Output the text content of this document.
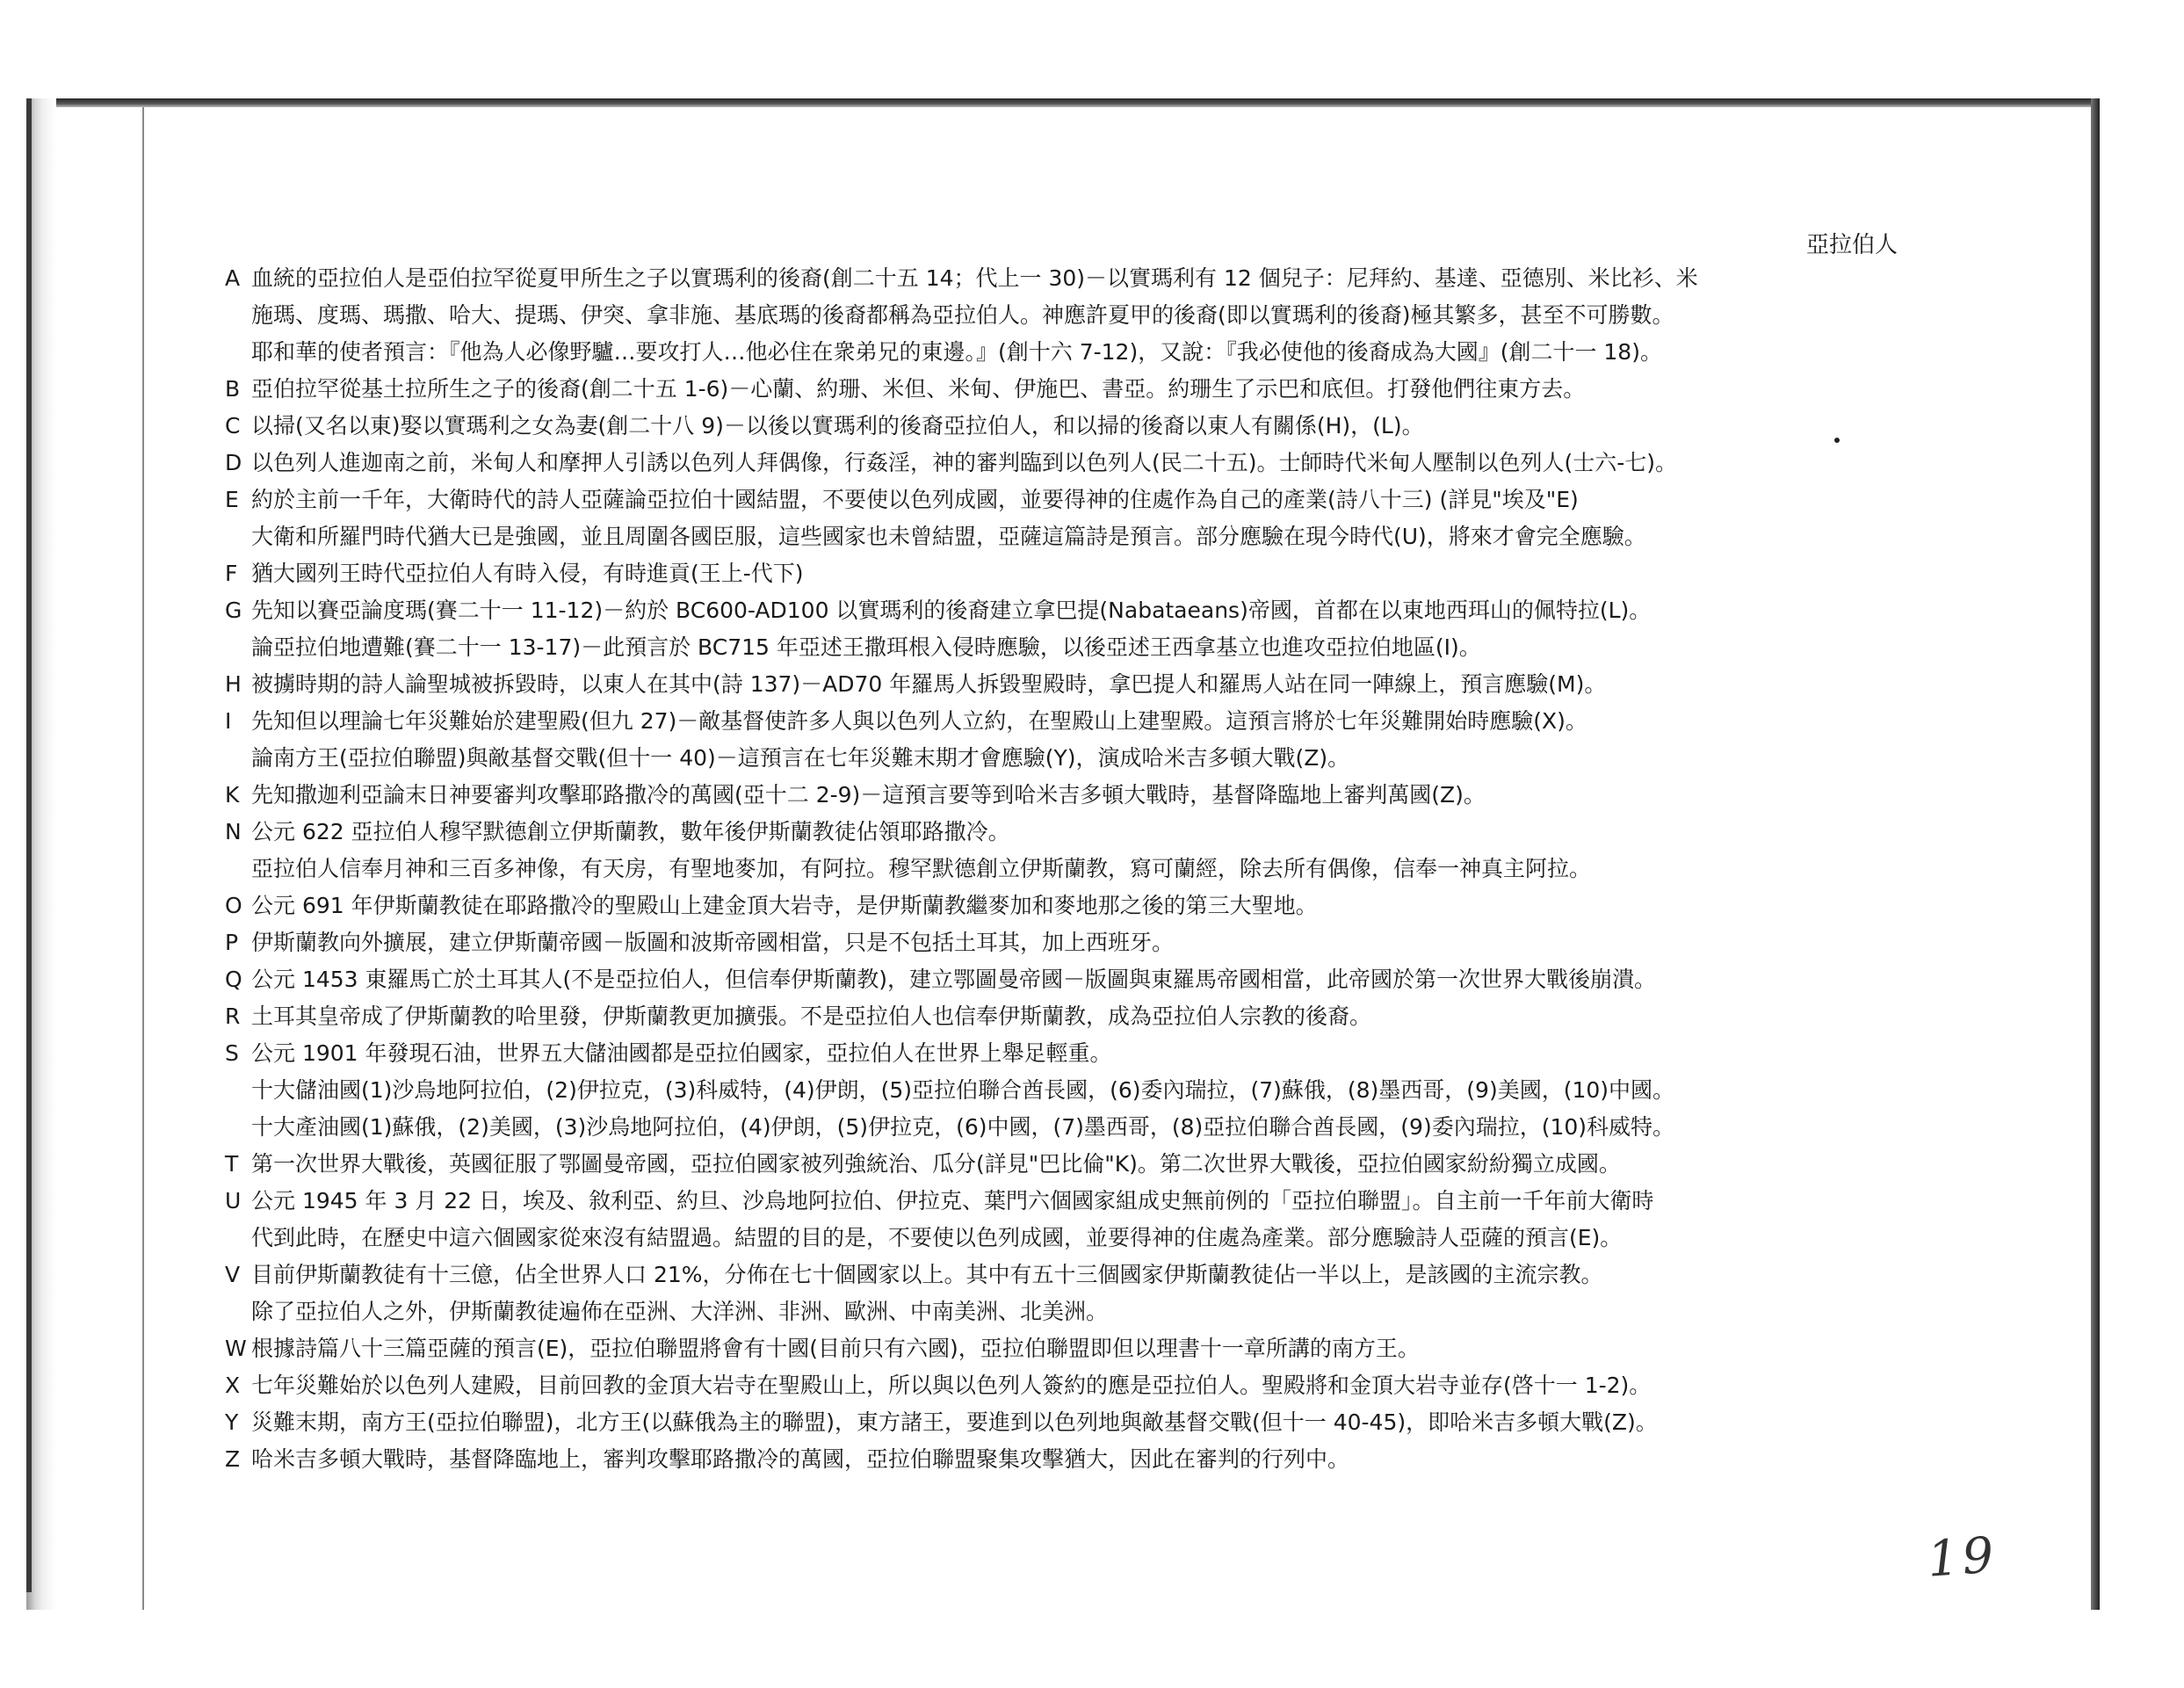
亞拉伯人
A 血統的亞拉伯人是亞伯拉罕從夏甲所生之子以實瑪利的後裔(創二十五 14；代上一 30)－以實瑪利有 12 個兒子：尼拜約、基達、亞德別、米比衫、米
施瑪、度瑪、瑪撒、哈大、提瑪、伊突、拿非施、基底瑪的後裔都稱為亞拉伯人。神應許夏甲的後裔(即以實瑪利的後裔)極其繁多，甚至不可勝數。
耶和華的使者預言：『他為人必像野驢…要攻打人…他必住在衆弟兄的東邊。』(創十六 7-12)，又說：『我必使他的後裔成為大國』(創二十一 18)。
B 亞伯拉罕從基土拉所生之子的後裔(創二十五 1-6)－心蘭、約珊、米但、米甸、伊施巴、書亞。約珊生了示巴和底但。打發他們往東方去。
C 以掃(又名以東)娶以實瑪利之女為妻(創二十八 9)－以後以實瑪利的後裔亞拉伯人，和以掃的後裔以東人有關係(H)，(L)。
D 以色列人進迦南之前，米甸人和摩押人引誘以色列人拜偶像，行姦淫，神的審判臨到以色列人(民二十五)。士師時代米甸人壓制以色列人(士六-七)。
E 約於主前一千年，大衛時代的詩人亞薩論亞拉伯十國結盟，不要使以色列成國，並要得神的住處作為自己的產業(詩八十三) (詳見"埃及"E)
大衛和所羅門時代猶大已是強國，並且周圍各國臣服，這些國家也未曾結盟，亞薩這篇詩是預言。部分應驗在現今時代(U)，將來才會完全應驗。
F 猶大國列王時代亞拉伯人有時入侵，有時進貢(王上-代下)
G 先知以賽亞論度瑪(賽二十一 11-12)－約於 BC600-AD100 以實瑪利的後裔建立拿巴提(Nabataeans)帝國，首都在以東地西珥山的佩特拉(L)。
論亞拉伯地遭難(賽二十一 13-17)－此預言於 BC715 年亞述王撒珥根入侵時應驗，以後亞述王西拿基立也進攻亞拉伯地區(I)。
H 被擄時期的詩人論聖城被拆毀時，以東人在其中(詩 137)－AD70 年羅馬人拆毀聖殿時，拿巴提人和羅馬人站在同一陣線上，預言應驗(M)。
I 先知但以理論七年災難始於建聖殿(但九 27)－敵基督使許多人與以色列人立約，在聖殿山上建聖殿。這預言將於七年災難開始時應驗(X)。
論南方王(亞拉伯聯盟)與敵基督交戰(但十一 40)－這預言在七年災難末期才會應驗(Y)，演成哈米吉多頓大戰(Z)。
K 先知撒迦利亞論末日神要審判攻擊耶路撒冷的萬國(亞十二 2-9)－這預言要等到哈米吉多頓大戰時，基督降臨地上審判萬國(Z)。
N 公元 622 亞拉伯人穆罕默德創立伊斯蘭教，數年後伊斯蘭教徒佔領耶路撒冷。
亞拉伯人信奉月神和三百多神像，有天房，有聖地麥加，有阿拉。穆罕默德創立伊斯蘭教，寫可蘭經，除去所有偶像，信奉一神真主阿拉。
O 公元 691 年伊斯蘭教徒在耶路撒冷的聖殿山上建金頂大岩寺，是伊斯蘭教繼麥加和麥地那之後的第三大聖地。
P 伊斯蘭教向外擴展，建立伊斯蘭帝國－版圖和波斯帝國相當，只是不包括土耳其，加上西班牙。
Q 公元 1453 東羅馬亡於土耳其人(不是亞拉伯人，但信奉伊斯蘭教)，建立鄂圖曼帝國－版圖與東羅馬帝國相當，此帝國於第一次世界大戰後崩潰。
R 土耳其皇帝成了伊斯蘭教的哈里發，伊斯蘭教更加擴張。不是亞拉伯人也信奉伊斯蘭教，成為亞拉伯人宗教的後裔。
S 公元 1901 年發現石油，世界五大儲油國都是亞拉伯國家，亞拉伯人在世界上舉足輕重。
十大儲油國(1)沙烏地阿拉伯，(2)伊拉克，(3)科威特，(4)伊朗，(5)亞拉伯聯合酋長國，(6)委內瑞拉，(7)蘇俄，(8)墨西哥，(9)美國，(10)中國。
十大產油國(1)蘇俄，(2)美國，(3)沙烏地阿拉伯，(4)伊朗，(5)伊拉克，(6)中國，(7)墨西哥，(8)亞拉伯聯合酋長國，(9)委內瑞拉，(10)科威特。
T 第一次世界大戰後，英國征服了鄂圖曼帝國，亞拉伯國家被列強統治、瓜分(詳見"巴比倫"K)。第二次世界大戰後，亞拉伯國家紛紛獨立成國。
U 公元 1945 年 3 月 22 日，埃及、敘利亞、約旦、沙烏地阿拉伯、伊拉克、葉門六個國家組成史無前例的「亞拉伯聯盟」。自主前一千年前大衛時
代到此時，在歷史中這六個國家從來沒有結盟過。結盟的目的是，不要使以色列成國，並要得神的住處為產業。部分應驗詩人亞薩的預言(E)。
V 目前伊斯蘭教徒有十三億，佔全世界人口 21%，分佈在七十個國家以上。其中有五十三個國家伊斯蘭教徒佔一半以上，是該國的主流宗教。
除了亞拉伯人之外，伊斯蘭教徒遍佈在亞洲、大洋洲、非洲、歐洲、中南美洲、北美洲。
W 根據詩篇八十三篇亞薩的預言(E)，亞拉伯聯盟將會有十國(目前只有六國)，亞拉伯聯盟即但以理書十一章所講的南方王。
X 七年災難始於以色列人建殿，目前回教的金頂大岩寺在聖殿山上，所以與以色列人簽約的應是亞拉伯人。聖殿將和金頂大岩寺並存(啓十一 1-2)。
Y 災難末期，南方王(亞拉伯聯盟)，北方王(以蘇俄為主的聯盟)，東方諸王，要進到以色列地與敵基督交戰(但十一 40-45)，即哈米吉多頓大戰(Z)。
Z 哈米吉多頓大戰時，基督降臨地上，審判攻擊耶路撒冷的萬國，亞拉伯聯盟聚集攻擊猶大，因此在審判的行列中。
19
